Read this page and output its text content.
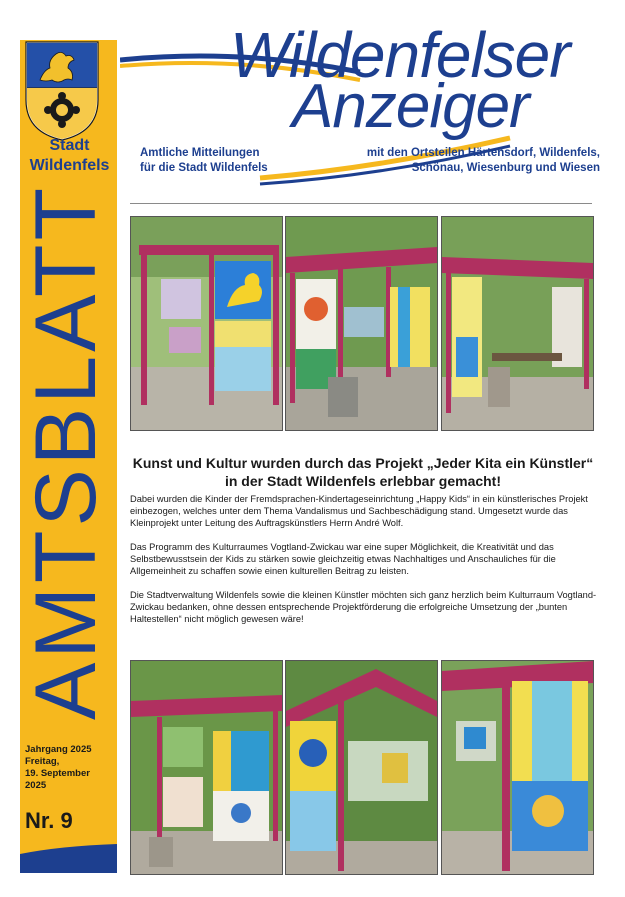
Stadt
Wildenfels
AMTSBLATT
Jahrgang 2025
Freitag,
19. September
2025
Nr. 9
Wildenfelser
Anzeiger
Amtliche Mitteilungen
für die Stadt Wildenfels
mit den Ortsteilen Härtensdorf, Wildenfels,
Schönau, Wiesenburg und Wiesen
Kunst und Kultur wurden durch das Projekt „Jeder Kita ein Künstler“
in der Stadt Wildenfels erlebbar gemacht!

Dabei wurden die Kinder der Fremdsprachen-Kindertageseinrichtung „Happy Kids“ in ein künstlerisches Projekt einbezogen, welches unter dem Thema Vandalismus und Sachbeschädigung stand. Umgesetzt wurde das Kleinprojekt unter Leitung des Auftragskünstlers Herrn André Wolf.

Das Programm des Kulturraumes Vogtland-Zwickau war eine super Möglichkeit, die Kreativität und das Selbstbewusstsein der Kids zu stärken sowie gleichzeitig etwas Nachhaltiges und Anschauliches für die Allgemeinheit zu schaffen sowie einen kulturellen Beitrag zu leisten.

Die Stadtverwaltung Wildenfels sowie die kleinen Künstler möchten sich ganz herzlich beim Kulturraum Vogtland-Zwickau bedanken, ohne dessen entsprechende Projektförderung die erfolgreiche Umsetzung der „bunten Haltestellen“ nicht möglich gewesen wäre!
